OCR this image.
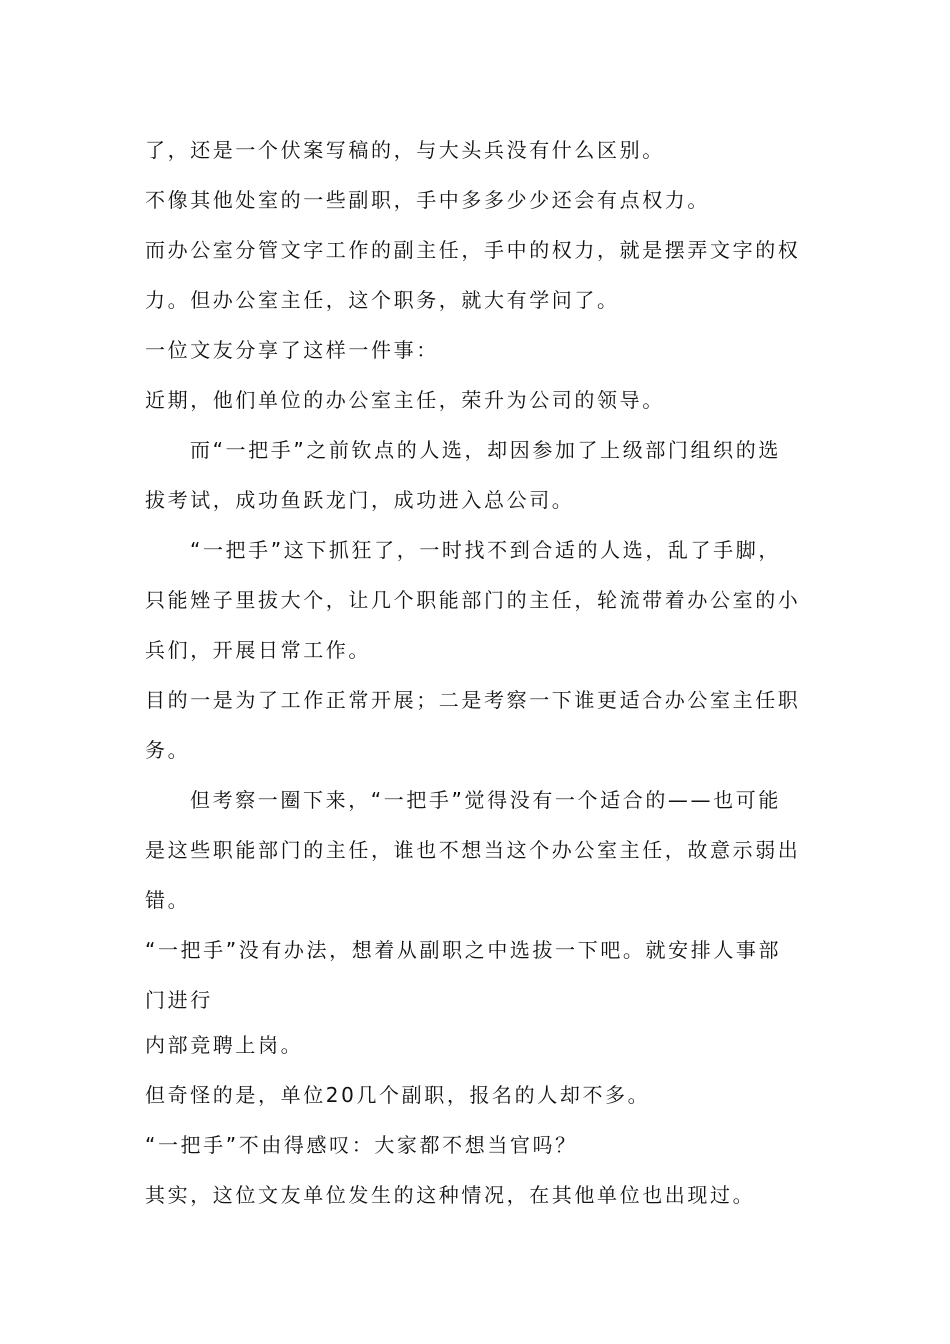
了，还是一个伏案写稿的，与大头兵没有什么区别。
不像其他处室的一些副职，手中多多少少还会有点权力。
而办公室分管文字工作的副主任，手中的权力，就是摆弄文字的权
力。但办公室主任，这个职务，就大有学问了。
一位文友分享了这样一件事：
近期，他们单位的办公室主任，荣升为公司的领导。
而“一把手”之前钦点的人选，却因参加了上级部门组织的选
拔考试，成功鱼跃龙门，成功进入总公司。
“一把手”这下抓狂了，一时找不到合适的人选，乱了手脚，
只能矬子里拔大个，让几个职能部门的主任，轮流带着办公室的小
兵们，开展日常工作。
目的一是为了工作正常开展；二是考察一下谁更适合办公室主任职
务。
但考察一圈下来，“一把手”觉得没有一个适合的——也可能
是这些职能部门的主任，谁也不想当这个办公室主任，故意示弱出
错。
“一把手”没有办法，想着从副职之中选拔一下吧。就安排人事部
门进行
内部竞聘上岗。
但奇怪的是，单位20几个副职，报名的人却不多。
“一把手”不由得感叹：大家都不想当官吗？
其实，这位文友单位发生的这种情况，在其他单位也出现过。
